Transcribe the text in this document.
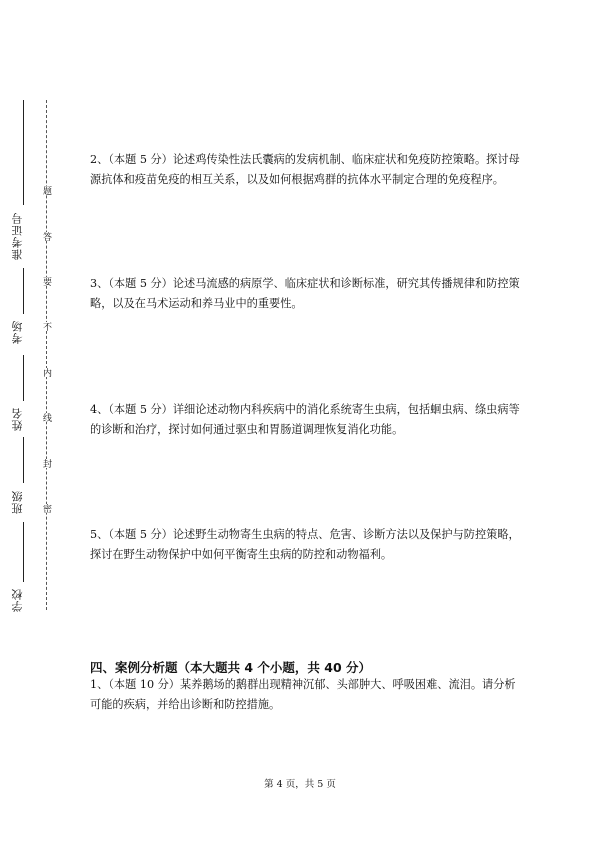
准考证号
考场
姓名
班级
学校
题
答
要
不
内
线
封
密
2、（本题 5 分）论述鸡传染性法氏囊病的发病机制、临床症状和免疫防控策略。探讨母源抗体和疫苗免疫的相互关系，以及如何根据鸡群的抗体水平制定合理的免疫程序。
3、（本题 5 分）论述马流感的病原学、临床症状和诊断标准，研究其传播规律和防控策略，以及在马术运动和养马业中的重要性。
4、（本题 5 分）详细论述动物内科疾病中的消化系统寄生虫病，包括蛔虫病、绦虫病等的诊断和治疗，探讨如何通过驱虫和胃肠道调理恢复消化功能。
5、（本题 5 分）论述野生动物寄生虫病的特点、危害、诊断方法以及保护与防控策略，探讨在野生动物保护中如何平衡寄生虫病的防控和动物福利。
四、案例分析题（本大题共 4 个小题，共 40 分）
1、（本题 10 分）某养鹅场的鹅群出现精神沉郁、头部肿大、呼吸困难、流泪。请分析可能的疾病，并给出诊断和防控措施。
第 4 页，共 5 页
